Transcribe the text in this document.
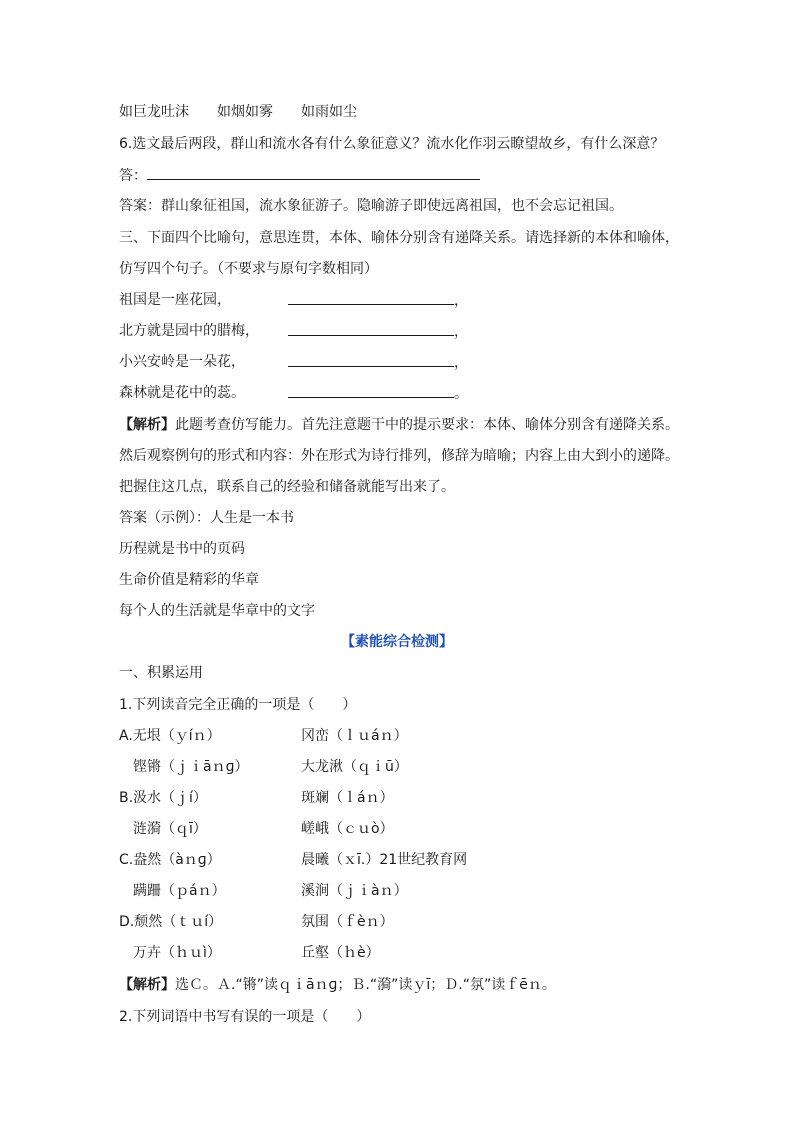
如巨龙吐沫　　如烟如雾　　如雨如尘
6.选文最后两段，群山和流水各有什么象征意义？流水化作羽云瞭望故乡，有什么深意？
答：
答案：群山象征祖国，流水象征游子。隐喻游子即使远离祖国，也不会忘记祖国。
三、下面四个比喻句，意思连贯，本体、喻体分别含有递降关系。请选择新的本体和喻体，
仿写四个句子。（不要求与原句字数相同）
祖国是一座花园，	，
北方就是园中的腊梅，	，
小兴安岭是一朵花，	，
森林就是花中的蕊。	。
【解析】此题考查仿写能力。首先注意题干中的提示要求：本体、喻体分别含有递降关系。
然后观察例句的形式和内容：外在形式为诗行排列，修辞为暗喻；内容上由大到小的递降。
把握住这几点，联系自己的经验和储备就能写出来了。
答案（示例）：人生是一本书
历程就是书中的页码
生命价值是精彩的华章
每个人的生活就是华章中的文字
【素能综合检测】
一、积累运用
1.下列读音完全正确的一项是（　　）
A.无垠（ｙíｎ）	冈峦（ｌｕáｎ）
　铿锵（ｊｉāｎɡ）	大龙湫（ｑｉū）
B.汲水（ｊí）	斑斓（ｌáｎ）
　涟漪（ｑī）	嵯峨（ｃｕò）
C.盎然（àｎɡ）	晨曦（ｘī.）21世纪教育网
　蹒跚（ｐáｎ）	溪涧（ｊｉàｎ）
D.颓然（ｔｕí）	氛围（ｆèｎ）
　万卉（ｈｕì）	丘壑（ｈè）
【解析】选Ｃ。Ａ.“锵”读ｑｉāｎɡ；Ｂ.“漪”读ｙī；Ｄ.“氛”读ｆēｎ。
2.下列词语中书写有误的一项是（　　）
